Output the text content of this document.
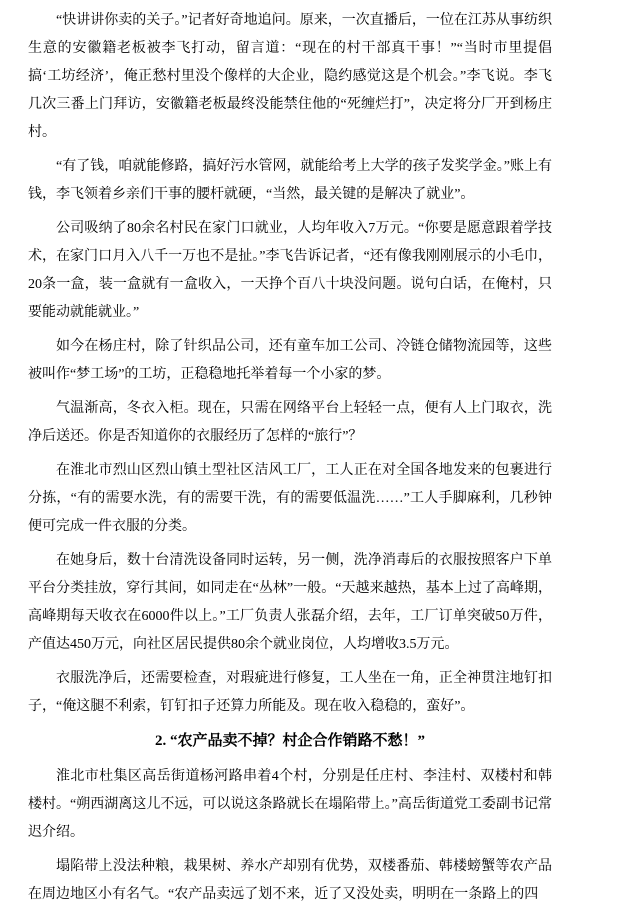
“快讲讲你卖的关子。”记者好奇地追问。原来，一次直播后，一位在江苏从事纺织生意的安徽籍老板被李飞打动，留言道：“现在的村干部真干事！”“当时市里提倡搞‘工坊经济’，俺正愁村里没个像样的大企业，隐约感觉这是个机会。”李飞说。李飞几次三番上门拜访，安徽籍老板最终没能禁住他的“死缠烂打”，决定将分厂开到杨庄村。

“有了钱，咱就能修路，搞好污水管网，就能给考上大学的孩子发奖学金。”账上有钱，李飞领着乡亲们干事的腰杆就硬，“当然，最关键的是解决了就业”。

公司吸纳了80余名村民在家门口就业，人均年收入7万元。“你要是愿意跟着学技术，在家门口月入八千一万也不是扯。”李飞告诉记者，“还有像我刚刚展示的小毛巾，20条一盒，装一盒就有一盒收入，一天挣个百八十块没问题。说句白话，在俺村，只要能动就能就业。”

如今在杨庄村，除了针织品公司，还有童车加工公司、冷链仓储物流园等，这些被叫作“梦工场”的工坊，正稳稳地托举着每一个小家的梦。

气温渐高，冬衣入柜。现在，只需在网络平台上轻轻一点，便有人上门取衣，洗净后送还。你是否知道你的衣服经历了怎样的“旅行”？

在淮北市烈山区烈山镇土型社区洁风工厂，工人正在对全国各地发来的包裹进行分拣，“有的需要水洗，有的需要干洗，有的需要低温洗……”工人手脚麻利，几秒钟便可完成一件衣服的分类。

在她身后，数十台清洗设备同时运转，另一侧，洗净消毒后的衣服按照客户下单平台分类挂放，穿行其间，如同走在“丛林”一般。“天越来越热，基本上过了高峰期，高峰期每天收衣在6000件以上。”工厂负责人张磊介绍，去年，工厂订单突破50万件，产值达450万元，向社区居民提供80余个就业岗位，人均增收3.5万元。

衣服洗净后，还需要检查，对瑕疵进行修复，工人坐在一角，正全神贯注地钉扣子，“俺这腿不利索，钉钉扣子还算力所能及。现在收入稳稳的，蛮好”。

2. “农产品卖不掉？村企合作销路不愁！”

淮北市杜集区高岳街道杨河路串着4个村，分别是任庄村、李洼村、双楼村和韩楼村。“朔西湖离这儿不远，可以说这条路就长在塌陷带上。”高岳街道党工委副书记常迟介绍。

塌陷带上没法种粮，栽果树、养水产却别有优势，双楼番茄、韩楼螃蟹等农产品在周边地区小有名气。“农产品卖远了划不来，近了又没处卖，明明在一条路上的四
